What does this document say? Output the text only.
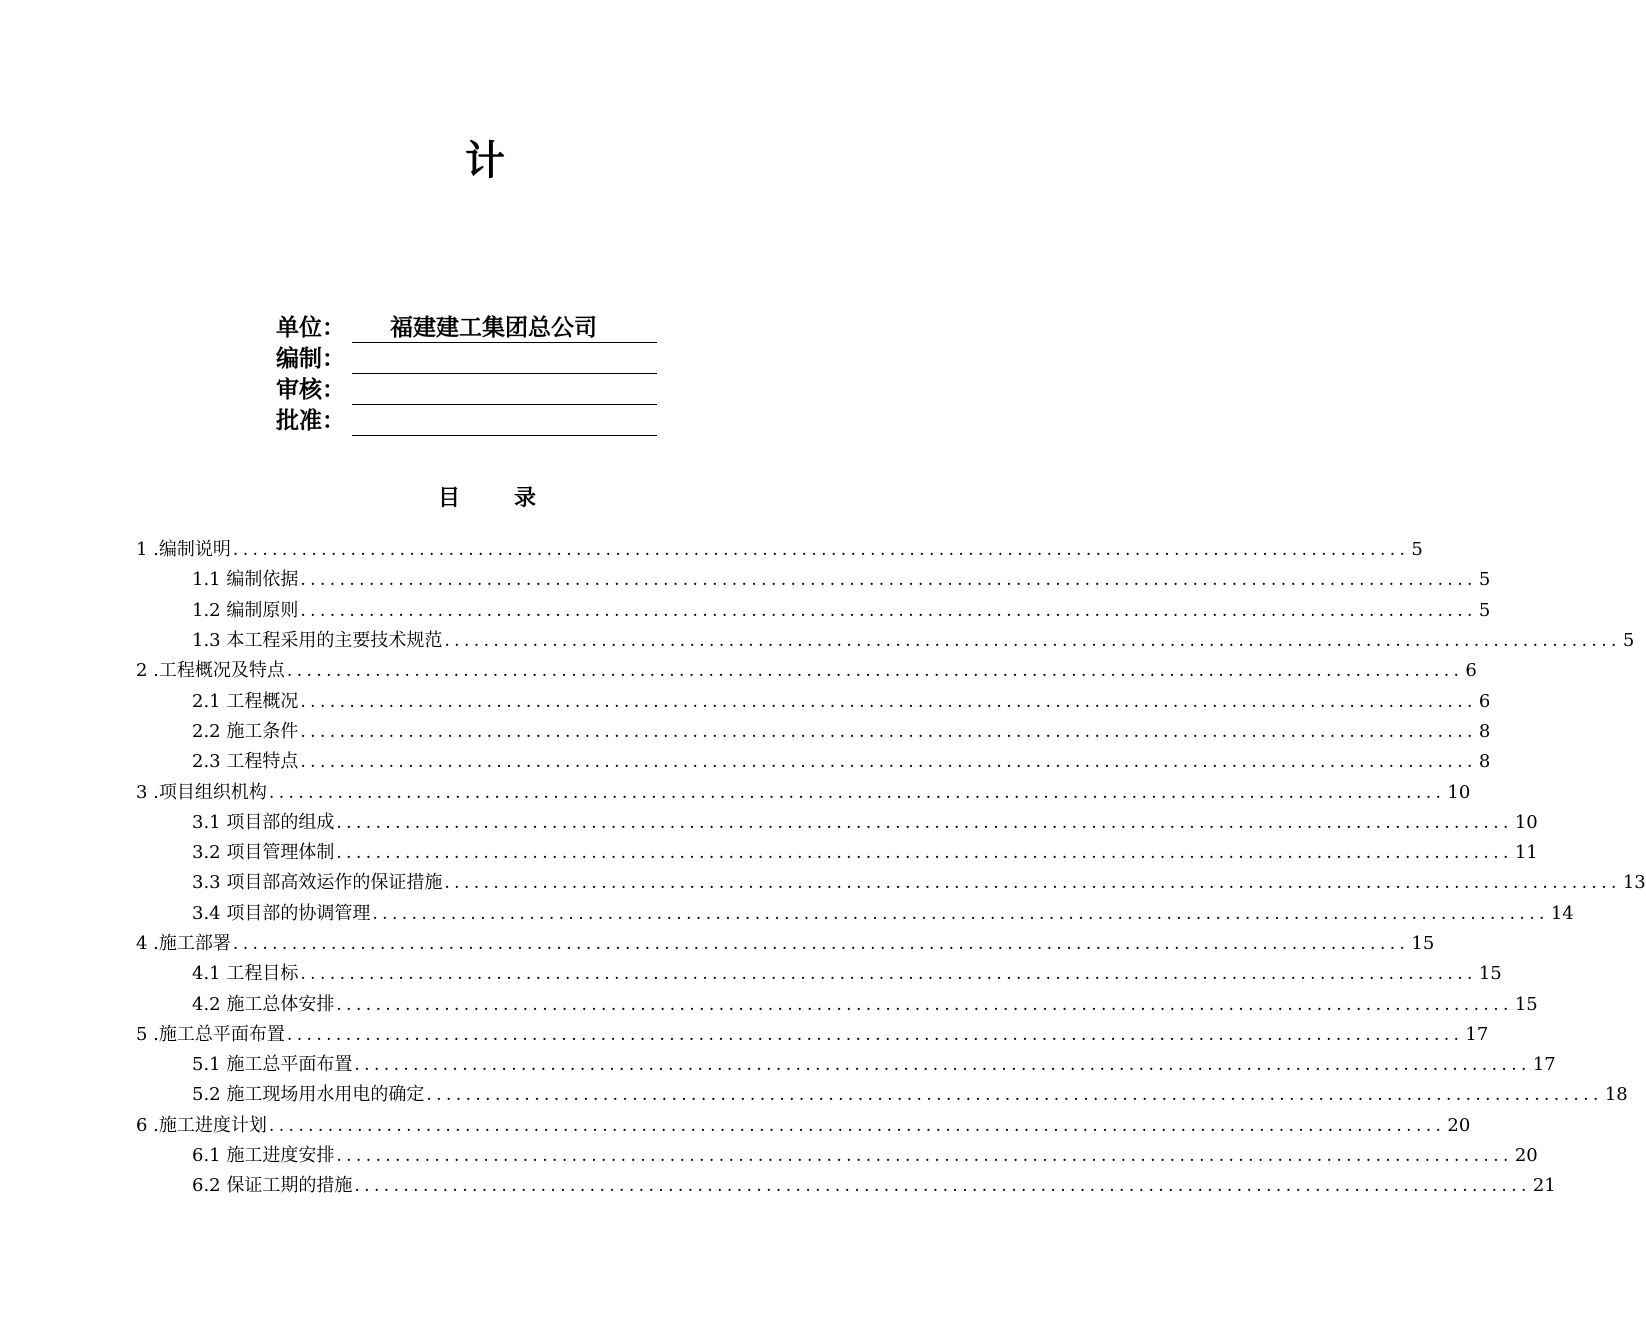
计
单位：	福建建工集团总公司
编制：
审核：
批准：
目 录
1 .编制说明 ........................................................................................................................ 5
1.1 编制依据 ........................................................................................................................ 5
1.2 编制原则 ........................................................................................................................ 5
1.3 本工程采用的主要技术规范 ........................................................................................................................ 5
2 .工程概况及特点 ........................................................................................................................ 6
2.1 工程概况 ........................................................................................................................ 6
2.2 施工条件 ........................................................................................................................ 8
2.3 工程特点 ........................................................................................................................ 8
3 .项目组织机构 ........................................................................................................................ 10
3.1 项目部的组成 ........................................................................................................................ 10
3.2 项目管理体制 ........................................................................................................................ 11
3.3 项目部高效运作的保证措施 ........................................................................................................................ 13
3.4 项目部的协调管理 ........................................................................................................................ 14
4 .施工部署 ........................................................................................................................ 15
4.1 工程目标 ........................................................................................................................ 15
4.2 施工总体安排 ........................................................................................................................ 15
5 .施工总平面布置 ........................................................................................................................ 17
5.1 施工总平面布置 ........................................................................................................................ 17
5.2 施工现场用水用电的确定 ........................................................................................................................ 18
6 .施工进度计划 ........................................................................................................................ 20
6.1 施工进度安排 ........................................................................................................................ 20
6.2 保证工期的措施 ........................................................................................................................ 21
